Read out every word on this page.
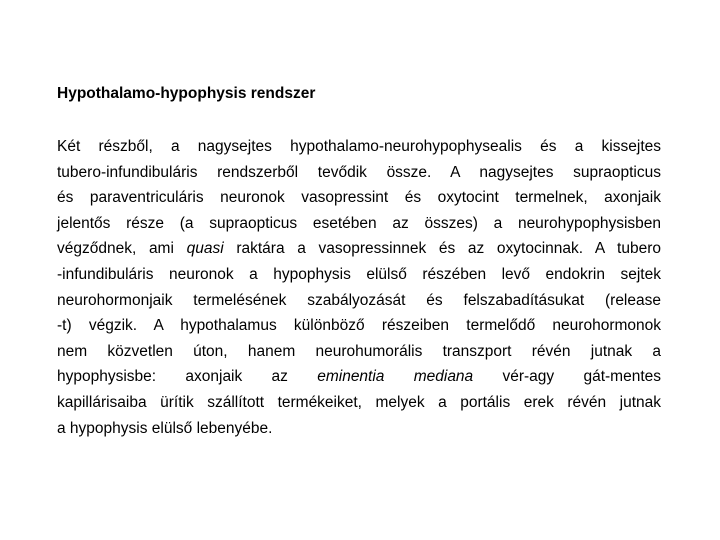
Hypothalamo-hypophysis rendszer
Két részből, a nagysejtes hypothalamo-neurohypophysealis és a kissejtes
tubero-infundibuláris rendszerből tevődik össze. A nagysejtes supraopticus
és paraventriculáris neuronok vasopressint és oxytocint termelnek, axonjaik
jelentős része (a supraopticus esetében az összes) a neurohypophysisben
végződnek, ami quasi raktára a vasopressinnek és az oxytocinnak. A tubero
-infundibuláris neuronok a hypophysis elülső részében levő endokrin sejtek
neurohormonjaik termelésének szabályozását és felszabadításukat (release
-t) végzik. A hypothalamus különböző részeiben termelődő neurohormonok
nem közvetlen úton, hanem neurohumorális transzport révén jutnak a
hypophysisbe: axonjaik az eminentia mediana vér-agy gát-mentes
kapillárisaiba ürítik szállított termékeiket, melyek a portális erek révén jutnak
a hypophysis elülső lebenyébe.
